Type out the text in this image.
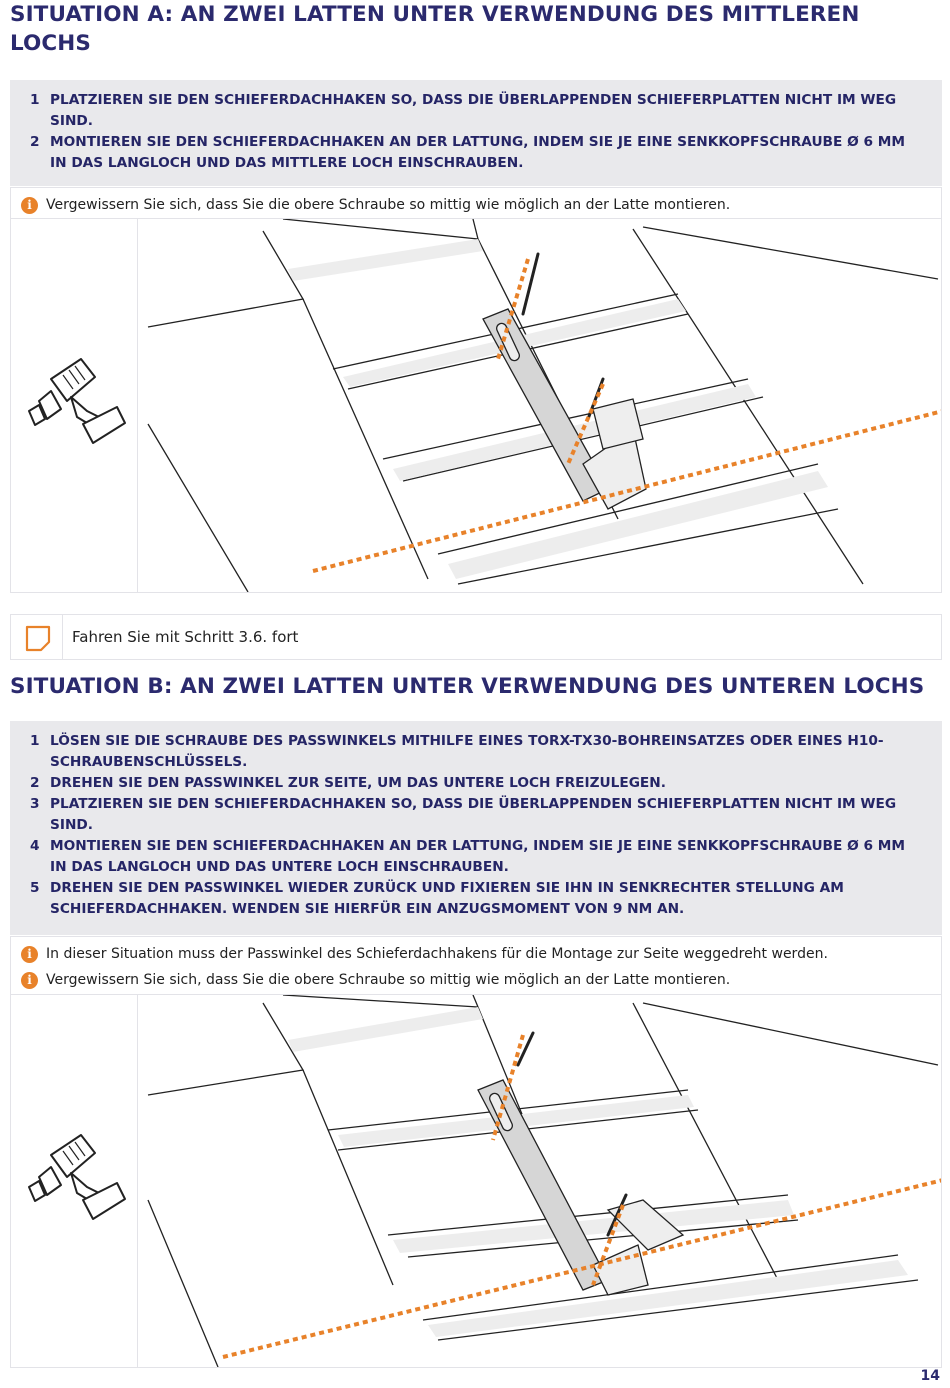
SITUATION A: AN ZWEI LATTEN UNTER VERWENDUNG DES MITTLEREN
LOCHS
1 PLATZIEREN SIE DEN SCHIEFERDACHHAKEN SO, DASS DIE ÜBERLAPPENDEN SCHIEFERPLATTEN NICHT IM WEG
SIND.
2 MONTIEREN SIE DEN SCHIEFERDACHHAKEN AN DER LATTUNG, INDEM SIE JE EINE SENKKOPFSCHRAUBE Ø 6 MM
IN DAS LANGLOCH UND DAS MITTLERE LOCH EINSCHRAUBEN.
i	Vergewissern Sie sich, dass Sie die obere Schraube so mittig wie möglich an der Latte montieren.
Fahren Sie mit Schritt 3.6. fort
SITUATION B: AN ZWEI LATTEN UNTER VERWENDUNG DES UNTEREN LOCHS
1 LÖSEN SIE DIE SCHRAUBE DES PASSWINKELS MITHILFE EINES TORX-TX30-BOHREINSATZES ODER EINES H10-
SCHRAUBENSCHLÜSSELS.
2 DREHEN SIE DEN PASSWINKEL ZUR SEITE, UM DAS UNTERE LOCH FREIZULEGEN.
3 PLATZIEREN SIE DEN SCHIEFERDACHHAKEN SO, DASS DIE ÜBERLAPPENDEN SCHIEFERPLATTEN NICHT IM WEG
SIND.
4 MONTIEREN SIE DEN SCHIEFERDACHHAKEN AN DER LATTUNG, INDEM SIE JE EINE SENKKOPFSCHRAUBE Ø 6 MM
IN DAS LANGLOCH UND DAS UNTERE LOCH EINSCHRAUBEN.
5 DREHEN SIE DEN PASSWINKEL WIEDER ZURÜCK UND FIXIEREN SIE IHN IN SENKRECHTER STELLUNG AM
SCHIEFERDACHHAKEN. WENDEN SIE HIERFÜR EIN ANZUGSMOMENT VON 9 NM AN.
i	In dieser Situation muss der Passwinkel des Schieferdachhakens für die Montage zur Seite weggedreht werden.
i	Vergewissern Sie sich, dass Sie die obere Schraube so mittig wie möglich an der Latte montieren.
14
